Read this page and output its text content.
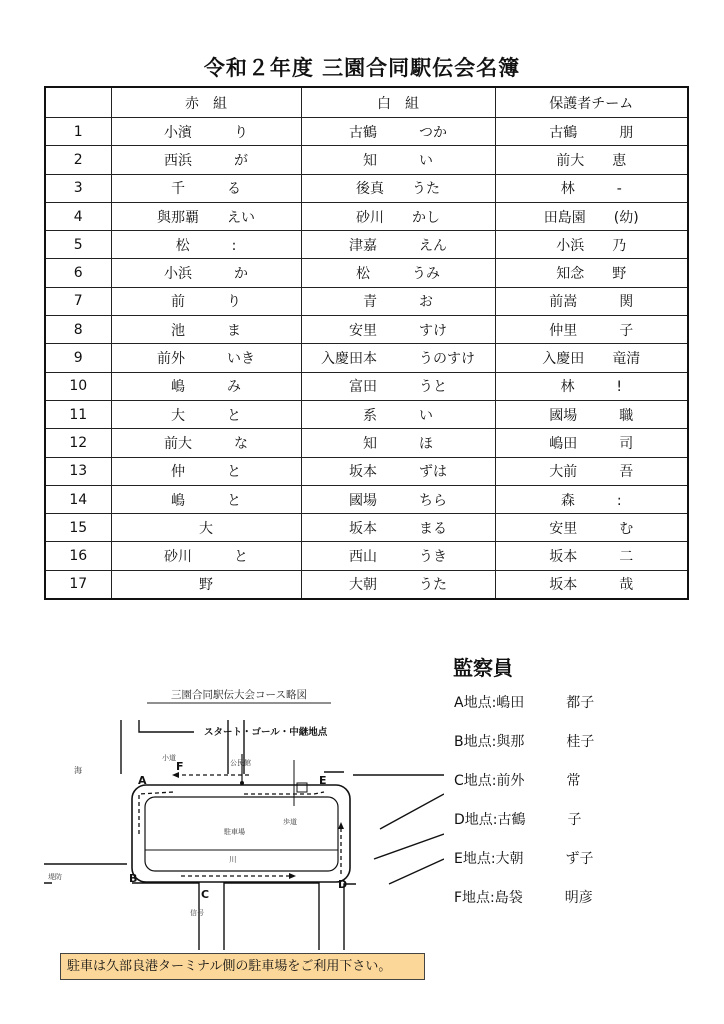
令和２年度 三園合同駅伝会名簿
	赤　組	白　組	保護者チーム
1	小濱　　　り	古鶴　　　つか	古鶴　　　朋
2	西浜　　　が	知　　　い	前大　　恵
3	千　　　る	後真　　うた	林　　　-
4	與那覇　　えい	砂川　　かし	田島園　　(幼)
5	松　　　:	津嘉　　　えん	小浜　　乃
6	小浜　　　か	松　　　うみ	知念　　野
7	前　　　り	青　　　お	前嵩　　　関
8	池　　　ま	安里　　　すけ	仲里　　　子
9	前外　　　いき	入慶田本　　　うのすけ	入慶田　　竜清
10	嶋　　　み	富田　　　うと	林　　　!
11	大　　　と	系　　　い	國場　　　職
12	前大　　　な	知　　　ほ	嶋田　　　司
13	仲　　　と	坂本　　　ずは	大前　　　吾
14	嶋　　　と	國場　　　ちら	森　　　:
15	大	坂本　　　まる	安里　　　む
16	砂川　　　と	西山　　　うき	坂本　　　二
17	野	大朝　　　うた	坂本　　　哉
三園合同駅伝大会コース略図
スタート・ゴール・中継地点
小道
公民館
歩道
駐車場
川
海
堤防
信号
A
B
C
D
E
F
監察員
A地点:嶋田　　　都子
B地点:與那　　　桂子
C地点:前外　　　常
D地点:古鶴　　　子
E地点:大朝　　　ず子
F地点:島袋　　　明彦
駐車は久部良港ターミナル側の駐車場をご利用下さい。
